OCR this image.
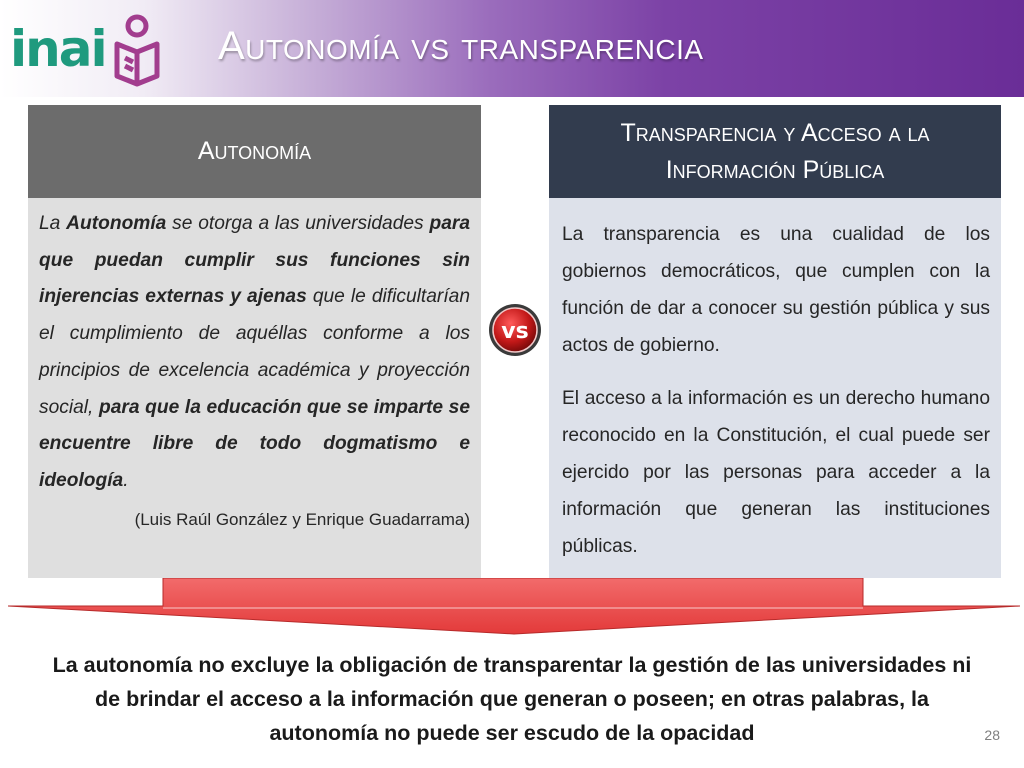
inai	Autonomía vs transparencia
Autonomía
La Autonomía se otorga a las universidades para que puedan cumplir sus funciones sin injerencias externas y ajenas que le dificultarían el cumplimiento de aquéllas conforme a los principios de excelencia académica y proyección social, para que la educación que se imparte se encuentre libre de todo dogmatismo e ideología.
(Luis Raúl González y Enrique Guadarrama)
Transparencia y Acceso a la Información Pública

La transparencia es una cualidad de los gobiernos democráticos, que cumplen con la función de dar a conocer su gestión pública y sus actos de gobierno.

El acceso a la información es un derecho humano reconocido en la Constitución, el cual puede ser ejercido por las personas para acceder a la información que generan las instituciones públicas.

vs
La autonomía no excluye la obligación de transparentar la gestión de las universidades ni de brindar el acceso a la información que generan o poseen; en otras palabras, la autonomía no puede ser escudo de la opacidad	28
